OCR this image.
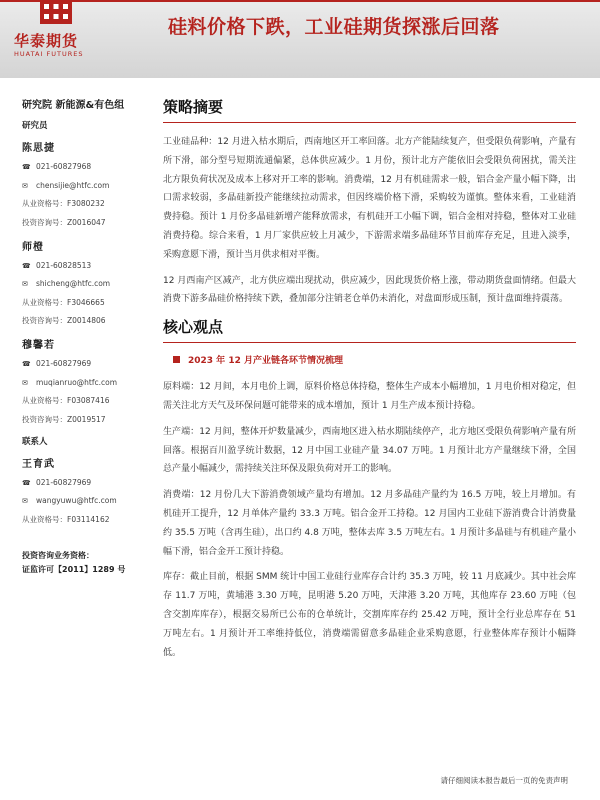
华泰期货
HUATAI FUTURES
硅料价格下跌，工业硅期货探涨后回落
研究院 新能源&有色组
研究员
陈思捷
☎ 021-60827968
✉ chensijie@htfc.com
从业资格号：F3080232
投资咨询号：Z0016047
师橙
☎ 021-60828513
✉ shicheng@htfc.com
从业资格号：F3046665
投资咨询号：Z0014806
穆馨若
☎ 021-60827969
✉ muqianruo@htfc.com
从业资格号：F03087416
投资咨询号：Z0019517
联系人
王育武
☎ 021-60827969
✉ wangyuwu@htfc.com
从业资格号：F03114162
投资咨询业务资格：
证监许可【2011】1289 号
策略摘要

工业硅品种：12 月进入枯水期后，西南地区开工率回落。北方产能陆续复产，但受限负荷影响，产量有所下滑，部分型号短期流通偏紧，总体供应减少。1 月份，预计北方产能依旧会受限负荷困扰，需关注北方限负荷状况及成本上移对开工率的影响。消费端，12 月有机硅需求一般，铝合金产量小幅下降，出口需求较弱，多晶硅新投产能继续拉动需求，但因终端价格下滑，采购较为谨慎。整体来看，工业硅消费持稳。预计 1 月份多晶硅新增产能释放需求，有机硅开工小幅下调，铝合金相对持稳，整体对工业硅消费持稳。综合来看，1 月厂家供应较上月减少，下游需求端多晶硅环节目前库存充足，且进入淡季，采购意愿下滑，预计当月供求相对平衡。

12 月西南产区减产，北方供应端出现扰动，供应减少，因此现货价格上涨，带动期货盘面情绪。但最大消费下游多晶硅价格持续下跌，叠加部分注销老仓单仍未消化，对盘面形成压制，预计盘面维持震荡。

核心观点
2023 年 12 月产业链各环节情况梳理

原料端：12 月间，本月电价上调，原料价格总体持稳，整体生产成本小幅增加，1 月电价相对稳定，但需关注北方天气及环保问题可能带来的成本增加，预计 1 月生产成本预计持稳。

生产端：12 月间，整体开炉数量减少，西南地区进入枯水期陆续停产，北方地区受限负荷影响产量有所回落。根据百川盈孚统计数据，12 月中国工业硅产量 34.07 万吨。1 月预计北方产量继续下滑，全国总产量小幅减少，需持续关注环保及限负荷对开工的影响。

消费端：12 月份几大下游消费领域产量均有增加。12 月多晶硅产量约为 16.5 万吨，较上月增加。有机硅开工提升，12 月单体产量约 33.3 万吨。铝合金开工持稳。12 月国内工业硅下游消费合计消费量约 35.5 万吨（含再生硅），出口约 4.8 万吨，整体去库 3.5 万吨左右。1 月预计多晶硅与有机硅产量小幅下滑，铝合金开工预计持稳。

库存：截止目前，根据 SMM 统计中国工业硅行业库存合计约 35.3 万吨，较 11 月底减少。其中社会库存 11.7 万吨，黄埔港 3.30 万吨，昆明港 5.20 万吨，天津港 3.20 万吨，其他库存 23.60 万吨（包含交割库库存），根据交易所已公布的仓单统计，交割库库存约 25.42 万吨，预计全行业总库存在 51 万吨左右。1 月预计开工率维持低位，消费端需留意多晶硅企业采购意愿，行业整体库存预计小幅降低。

请仔细阅读本报告最后一页的免责声明
